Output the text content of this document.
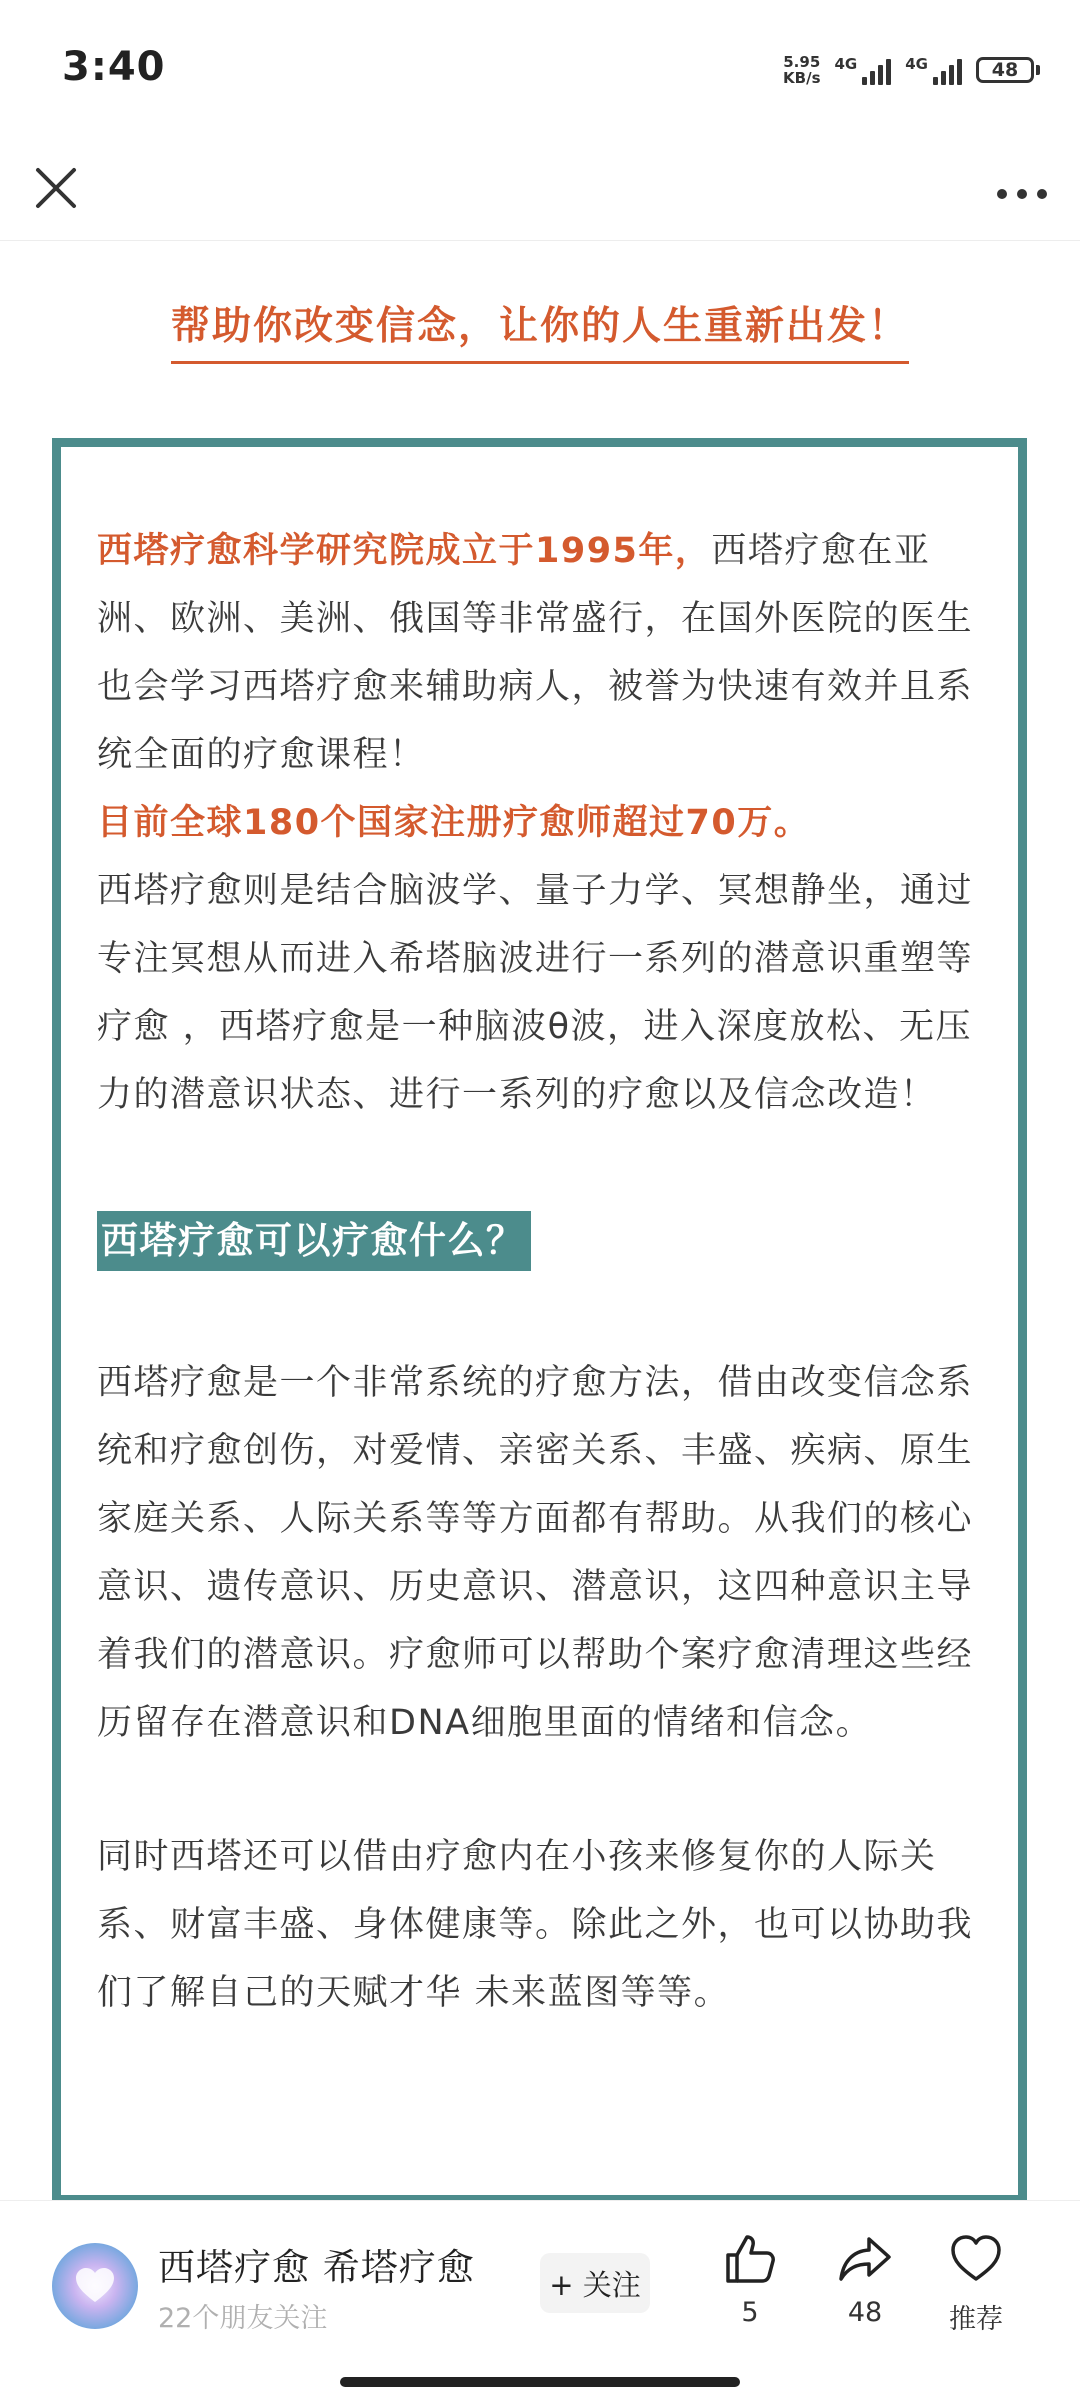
3:40	5.95
KB/s
4G	4G	48
帮助你改变信念，让你的人生重新出发！

西塔疗愈科学研究院成立于1995年，西塔疗愈在亚洲、欧洲、美洲、俄国等非常盛行，在国外医院的医生也会学习西塔疗愈来辅助病人，被誉为快速有效并且系统全面的疗愈课程！

目前全球180个国家注册疗愈师超过70万。

西塔疗愈则是结合脑波学、量子力学、冥想静坐，通过专注冥想从而进入希塔脑波进行一系列的潜意识重塑等疗愈 ，西塔疗愈是一种脑波θ波，进入深度放松、无压力的潜意识状态、进行一系列的疗愈以及信念改造！

西塔疗愈可以疗愈什么？

西塔疗愈是一个非常系统的疗愈方法，借由改变信念系统和疗愈创伤，对爱情、亲密关系、丰盛、疾病、原生家庭关系、人际关系等等方面都有帮助。从我们的核心意识、遗传意识、历史意识、潜意识，这四种意识主导着我们的潜意识。疗愈师可以帮助个案疗愈清理这些经历留存在潜意识和DNA细胞里面的情绪和信念。

同时西塔还可以借由疗愈内在小孩来修复你的人际关系、财富丰盛、身体健康等。除此之外，也可以协助我们了解自己的天赋才华 未来蓝图等等。

西塔疗愈 希塔疗愈
22个朋友关注
+ 关注
5	48 推荐
